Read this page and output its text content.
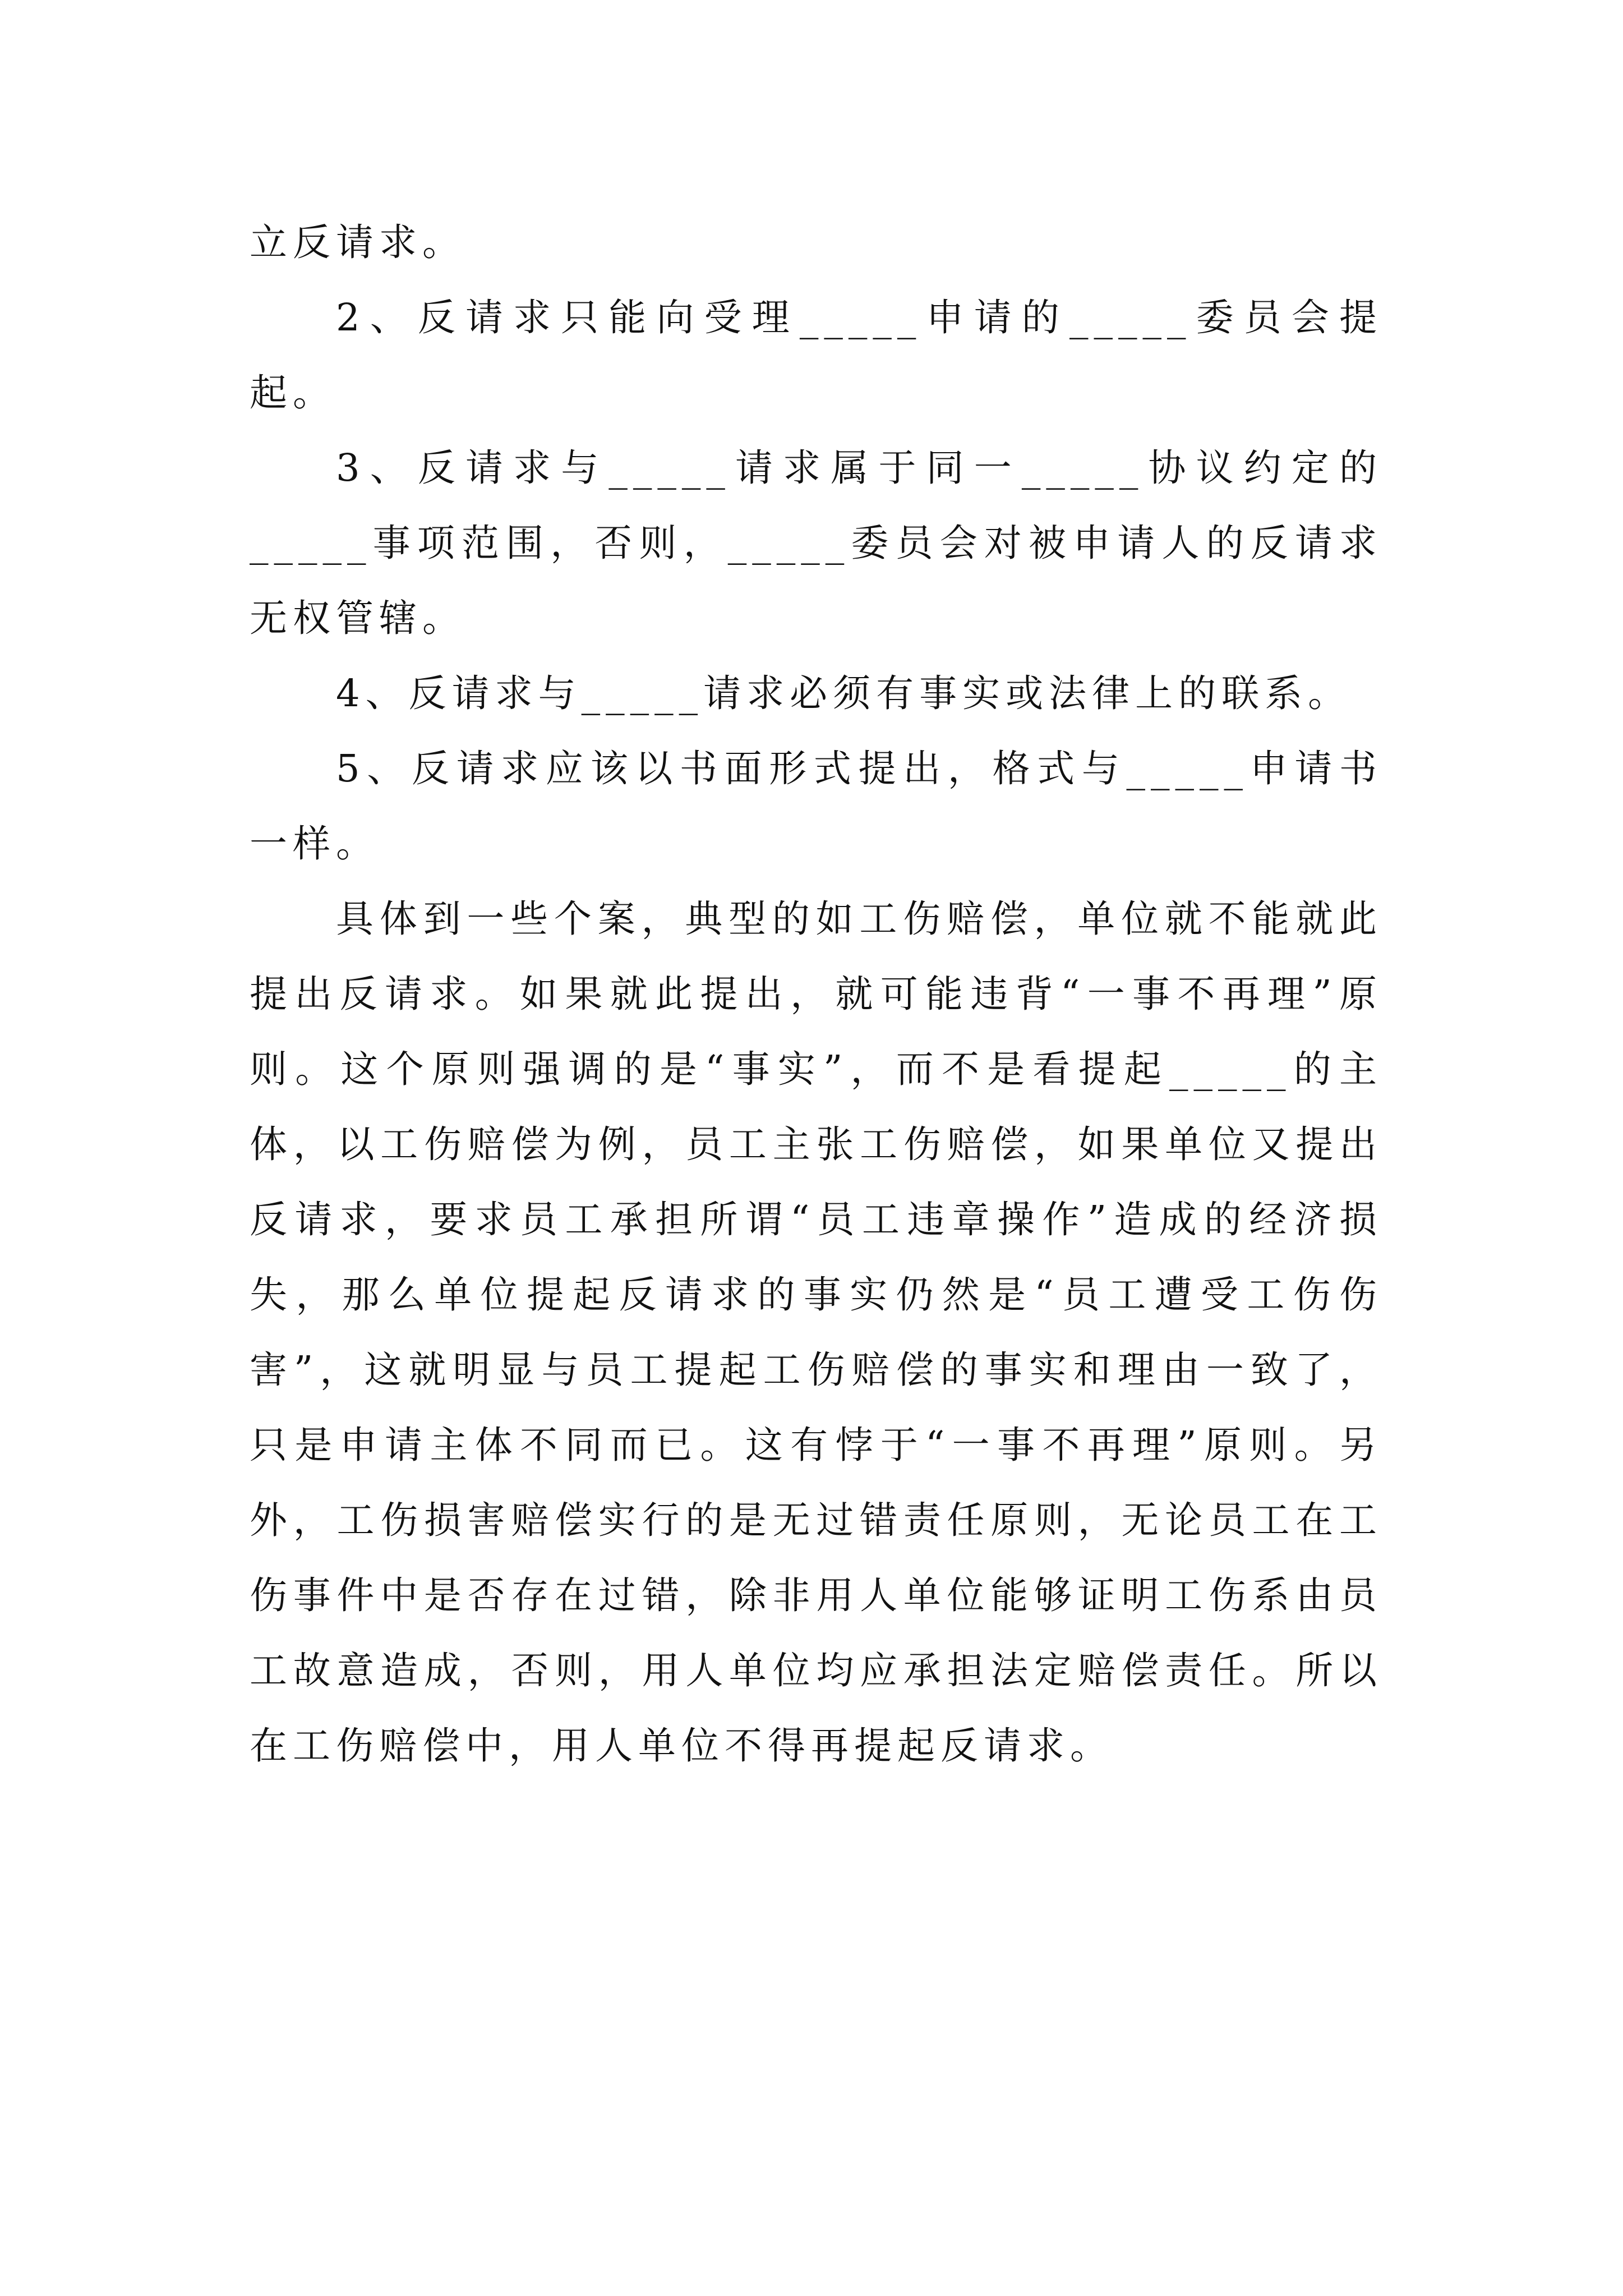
立反请求。

2、反请求只能向受理_____申请的_____委员会提起。

3、反请求与_____请求属于同一_____协议约定的_____事项范围，否则，_____委员会对被申请人的反请求无权管辖。

4、反请求与_____请求必须有事实或法律上的联系。

5、反请求应该以书面形式提出，格式与_____申请书一样。

具体到一些个案，典型的如工伤赔偿，单位就不能就此提出反请求。如果就此提出，就可能违背“一事不再理”原则。这个原则强调的是“事实”，而不是看提起_____的主体，以工伤赔偿为例，员工主张工伤赔偿，如果单位又提出反请求，要求员工承担所谓“员工违章操作”造成的经济损失，那么单位提起反请求的事实仍然是“员工遭受工伤伤害”，这就明显与员工提起工伤赔偿的事实和理由一致了，只是申请主体不同而已。这有悖于“一事不再理”原则。另外，工伤损害赔偿实行的是无过错责任原则，无论员工在工伤事件中是否存在过错，除非用人单位能够证明工伤系由员工故意造成，否则，用人单位均应承担法定赔偿责任。所以在工伤赔偿中，用人单位不得再提起反请求。
